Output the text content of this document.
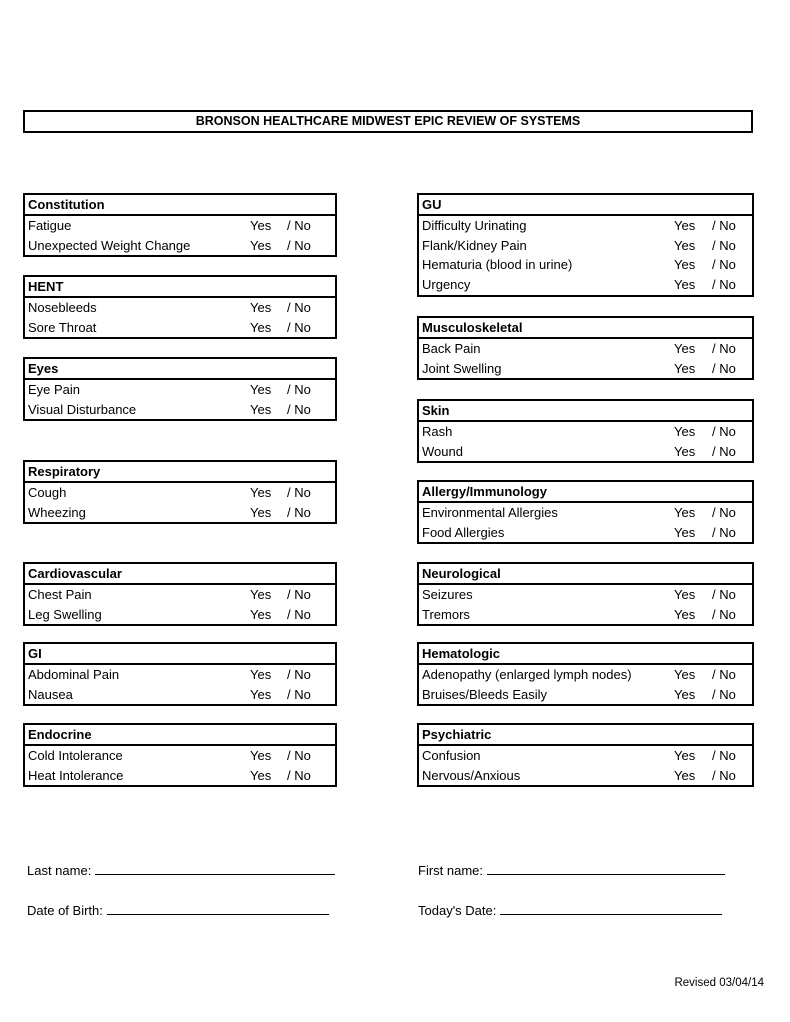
BRONSON HEALTHCARE MIDWEST EPIC REVIEW OF SYSTEMS
Constitution
Fatigue	Yes / No
Unexpected Weight Change	Yes / No
HENT
Nosebleeds	Yes / No
Sore Throat	Yes / No
Eyes
Eye Pain	Yes / No
Visual Disturbance	Yes / No
Respiratory
Cough	Yes / No
Wheezing	Yes / No
Cardiovascular
Chest Pain	Yes / No
Leg Swelling	Yes / No
GI
Abdominal Pain	Yes / No
Nausea	Yes / No
Endocrine
Cold Intolerance	Yes / No
Heat Intolerance	Yes / No
GU
Difficulty Urinating	Yes / No
Flank/Kidney Pain	Yes / No
Hematuria (blood in urine)	Yes / No
Urgency	Yes / No
Musculoskeletal
Back Pain	Yes / No
Joint Swelling	Yes / No
Skin
Rash	Yes / No
Wound	Yes / No
Allergy/Immunology
Environmental Allergies	Yes / No
Food Allergies	Yes / No
Neurological
Seizures	Yes / No
Tremors	Yes / No
Hematologic
Adenopathy (enlarged lymph nodes)	Yes / No
Bruises/Bleeds Easily	Yes / No
Psychiatric
Confusion	Yes / No
Nervous/Anxious	Yes / No
Last name:	First name:
Date of Birth:	Today's Date:
Revised 03/04/14
